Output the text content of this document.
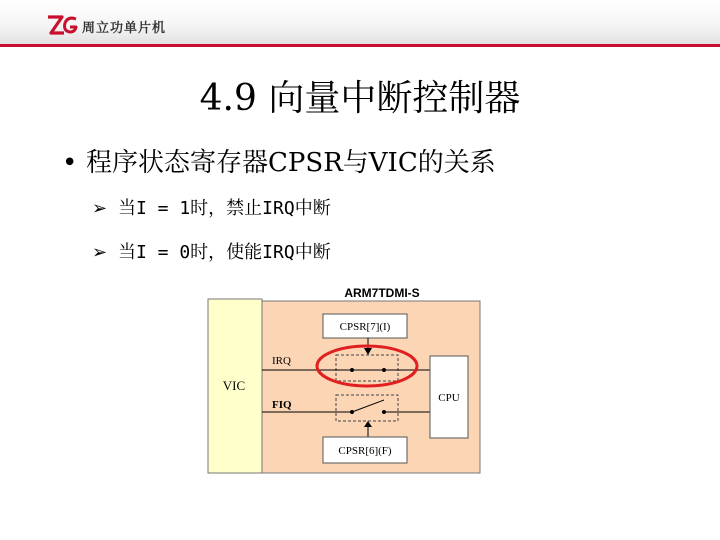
周立功单片机
4.9 向量中断控制器
• 程序状态寄存器CPSR与VIC的关系
➢ 当I = 1时，禁止IRQ中断
➢ 当I = 0时，使能IRQ中断
ARM7TDMI-S
VIC
CPSR[7](I)
IRQ
FIQ
CPSR[6](F)
CPU
